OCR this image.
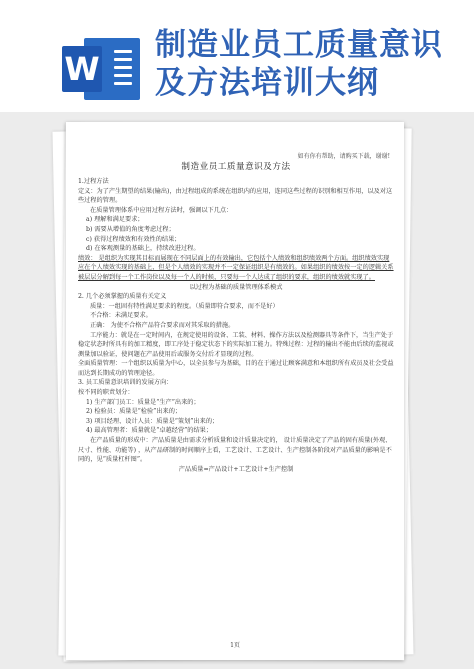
W
制造业员工质量意识及方法培训大纲
如有你有帮助，请购买下载，谢谢!
制造业员工质量意识及方法

1.过程方法

定义：为了产生期望的结果(输出)，由过程组成的系统在组织内的应用，连同这些过程的识别和相互作用，以及对这些过程的管理。

在质量管理体系中应用过程方法时，强调以下几点：

a) 理解和满足要求；

b) 需要从增值的角度考虑过程；

c) 获得过程绩效和有效性的结果；

d) 在客观测量的基础上，持续改进过程。

绩效： 是组织为实现其目标而展现在不同层面上的有效输出，它包括个人绩效和组织绩效两个方面。组织绩效实现应在个人绩效实现的基础上，但是个人绩效的实现并不一定保证组织是有绩效的。如果组织的绩效按一定的逻辑关系被层层分解到每一个工作岗位以及每一个人的时候，只要每一个人达成了组织的要求，组织的绩效就实现了。

以过程为基础的质量管理体系模式

2. 几个必须掌握的质量有关定义

质量：一组固有特性满足要求的程度。（质量即符合要求，而不是好）

不合格：未满足要求。

正确： 为使不合格产品符合要求而对其采取的措施。

工序能力：就是在一定时间内，在规定使用的设备、工装、材料、操作方法以及检测器具等条件下，当生产处于稳定状态时所具有的加工精度，即工序处于稳定状态下的实际加工能力。特殊过程：过程的输出不能由后续的监视或测量加以验证，使问题在产品使用后或服务交付后才显现的过程。

全面质量管理：一个组织以质量为中心，以全员参与为基础，目的在于通过让顾客满意和本组织所有成员及社会受益而达到长期成功的管理途径。

3. 员工质量意识培训的发展方向：

按不同的职责划分：

1) 生产部门员工：质量是“生产”出来的；

2) 检验员：质量是“检验”出来的；

3) 项目经理、设计人员：质量是“策划”出来的；

4) 最高管理者：质量就是“卓越经营”的结果；

在产品质量的形成中：产品质量是由需求分析质量和设计质量决定的， 设计质量决定了产品的固有质量(外观、尺寸、性能、功能等) ，从产品研制的时间顺序上看，工艺设计、工艺设计、生产控制各阶段对产品质量的影响是不同的，见“质量杠杆图”。

产品质量=产品设计+工艺设计+生产控制

1页
